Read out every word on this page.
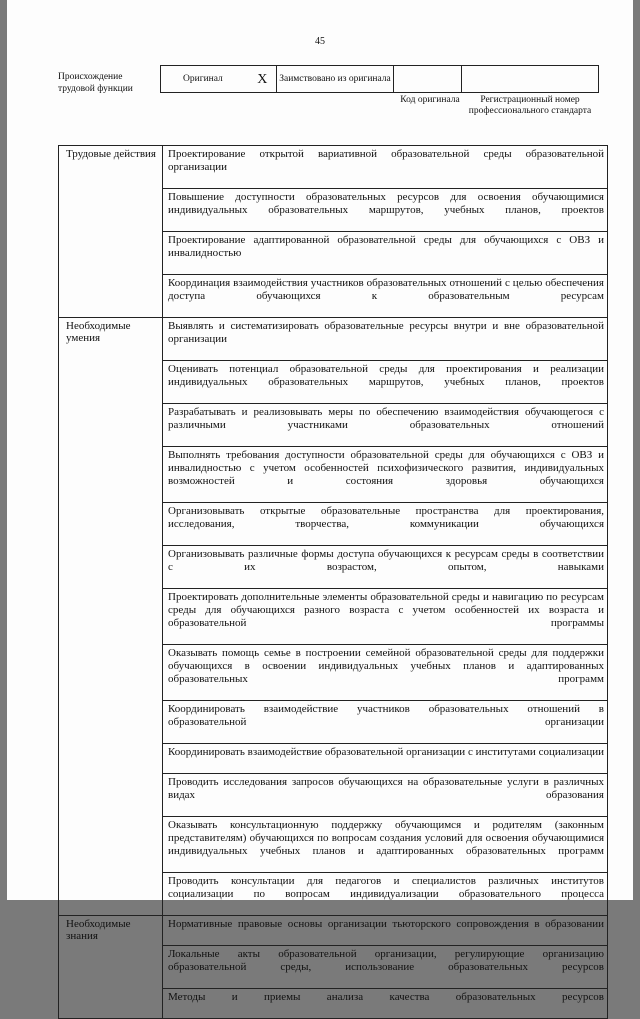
45
Происхождение трудовой функции
Оригинал	X	Заимствовано из оригинала		
Код оригинала	Регистрационный номер профессионального стандарта
Трудовые действия	Проектирование открытой вариативной образовательной среды образовательной организации
	Повышение доступности образовательных ресурсов для освоения обучающимися индивидуальных образовательных маршрутов, учебных планов, проектов
	Проектирование адаптированной образовательной среды для обучающихся с ОВЗ и инвалидностью
	Координация взаимодействия участников образовательных отношений с целью обеспечения доступа обучающихся к образовательным ресурсам
Необходимые умения	Выявлять и систематизировать образовательные ресурсы внутри и вне образовательной организации
	Оценивать потенциал образовательной среды для проектирования и реализации индивидуальных образовательных маршрутов, учебных планов, проектов
	Разрабатывать и реализовывать меры по обеспечению взаимодействия обучающегося с различными участниками образовательных отношений
	Выполнять требования доступности образовательной среды для обучающихся с ОВЗ и инвалидностью с учетом особенностей психофизического развития, индивидуальных возможностей и состояния здоровья обучающихся
	Организовывать открытые образовательные пространства для проектирования, исследования, творчества, коммуникации обучающихся
	Организовывать различные формы доступа обучающихся к ресурсам среды в соответствии с их возрастом, опытом, навыками
	Проектировать дополнительные элементы образовательной среды и навигацию по ресурсам среды для обучающихся разного возраста с учетом особенностей их возраста и образовательной программы
	Оказывать помощь семье в построении семейной образовательной среды для поддержки обучающихся в освоении индивидуальных учебных планов и адаптированных образовательных программ
	Координировать взаимодействие участников образовательных отношений в образовательной организации
	Координировать взаимодействие образовательной организации с институтами социализации
	Проводить исследования запросов обучающихся на образовательные услуги в различных видах образования
	Оказывать консультационную поддержку обучающимся и родителям (законным представителям) обучающихся по вопросам создания условий для освоения обучающимися индивидуальных учебных планов и адаптированных образовательных программ
	Проводить консультации для педагогов и специалистов различных институтов социализации по вопросам индивидуализации образовательного процесса
Необходимые знания	Нормативные правовые основы организации тьюторского сопровождения в образовании
	Локальные акты образовательной организации, регулирующие организацию образовательной среды, использование образовательных ресурсов
	Методы и приемы анализа качества образовательных ресурсов
